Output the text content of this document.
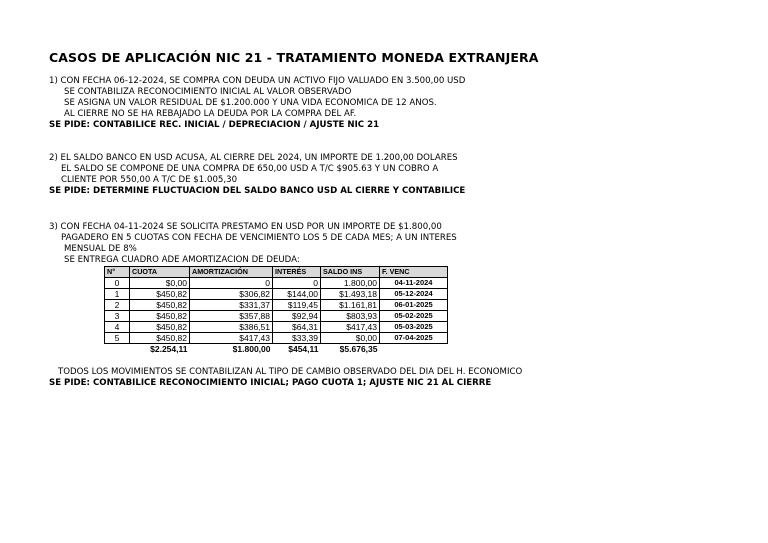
CASOS DE APLICACIÓN NIC 21 - TRATAMIENTO MONEDA EXTRANJERA
1) CON FECHA 06-12-2024, SE COMPRA CON DEUDA UN ACTIVO FIJO VALUADO EN 3.500,00 USD
SE CONTABILIZA RECONOCIMIENTO INICIAL AL VALOR OBSERVADO
SE ASIGNA UN VALOR RESIDUAL DE $1.200.000 Y UNA VIDA ECONOMICA DE 12 ANOS.
AL CIERRE NO SE HA REBAJADO LA DEUDA POR LA COMPRA DEL AF.
SE PIDE: CONTABILICE REC. INICIAL / DEPRECIACION / AJUSTE NIC 21
2) EL SALDO BANCO EN USD ACUSA, AL CIERRE DEL 2024, UN IMPORTE DE 1.200,00 DOLARES
EL SALDO SE COMPONE DE UNA COMPRA DE 650,00 USD A T/C $905.63 Y UN COBRO A
CLIENTE POR 550,00 A T/C DE $1.005,30
SE PIDE: DETERMINE FLUCTUACION DEL SALDO BANCO USD AL CIERRE Y CONTABILICE
3) CON FECHA 04-11-2024 SE SOLICITA PRESTAMO EN USD POR UN IMPORTE DE $1.800,00
PAGADERO EN 5 CUOTAS CON FECHA DE VENCIMIENTO LOS 5 DE CADA MES; A UN INTERES
MENSUAL DE 8%
SE ENTREGA CUADRO ADE AMORTIZACION DE DEUDA:
N°	CUOTA	AMORTIZACIÓN	INTERÉS	SALDO INS	F. VENC
0	$0,00	0	0	1.800,00	04-11-2024
1	$450,82	$306,82	$144,00	$1.493,18	05-12-2024
2	$450,82	$331,37	$119,45	$1.161,81	06-01-2025
3	$450,82	$357,88	$92,94	$803,93	05-02-2025
4	$450,82	$386,51	$64,31	$417,43	05-03-2025
5	$450,82	$417,43	$33,39	$0,00	07-04-2025
	$2.254,11	$1.800,00	$454,11	$5.676,35	
TODOS LOS MOVIMIENTOS SE CONTABILIZAN AL TIPO DE CAMBIO OBSERVADO DEL DIA DEL H. ECONOMICO
SE PIDE: CONTABILICE RECONOCIMIENTO INICIAL; PAGO CUOTA 1; AJUSTE NIC 21 AL CIERRE
